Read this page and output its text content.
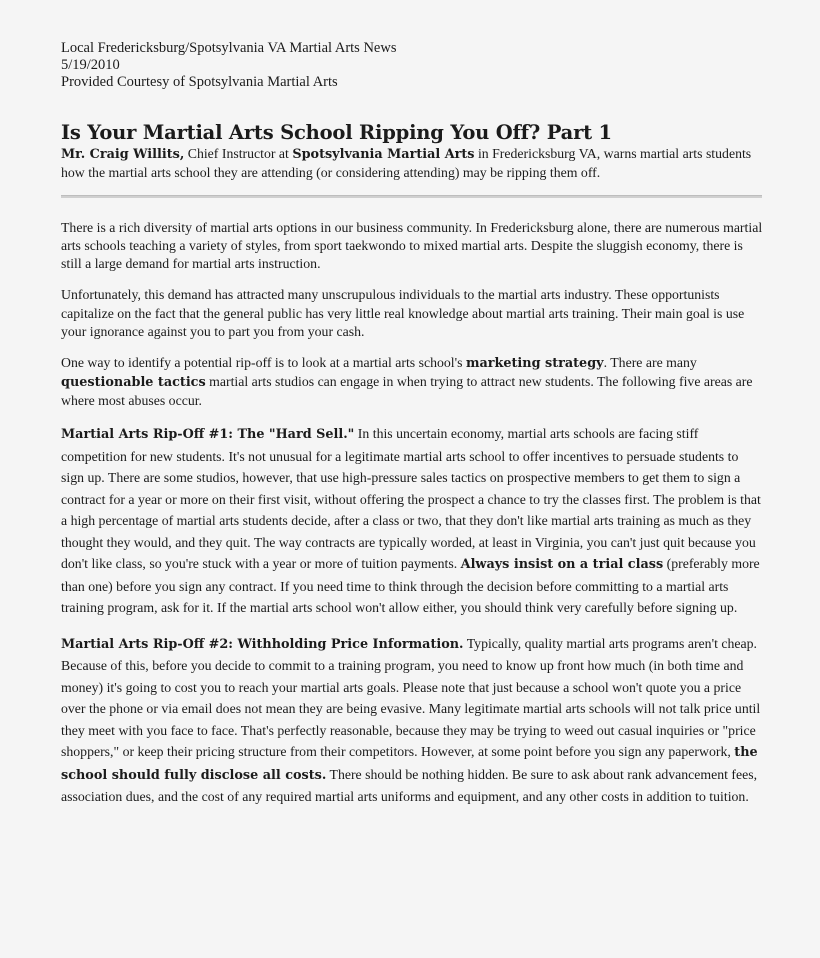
Local Fredericksburg/Spotsylvania VA Martial Arts News

5/19/2010

Provided Courtesy of Spotsylvania Martial Arts

Is Your Martial Arts School Ripping You Off? Part 1

Mr. Craig Willits, Chief Instructor at Spotsylvania Martial Arts in Fredericksburg VA, warns martial arts students how the martial arts school they are attending (or considering attending) may be ripping them off.

There is a rich diversity of martial arts options in our business community. In Fredericksburg alone, there are numerous martial arts schools teaching a variety of styles, from sport taekwondo to mixed martial arts. Despite the sluggish economy, there is still a large demand for martial arts instruction.

Unfortunately, this demand has attracted many unscrupulous individuals to the martial arts industry. These opportunists capitalize on the fact that the general public has very little real knowledge about martial arts training. Their main goal is use your ignorance against you to part you from your cash.

One way to identify a potential rip-off is to look at a martial arts school's marketing strategy. There are many questionable tactics martial arts studios can engage in when trying to attract new students. The following five areas are where most abuses occur.

Martial Arts Rip-Off #1: The "Hard Sell." In this uncertain economy, martial arts schools are facing stiff competition for new students. It's not unusual for a legitimate martial arts school to offer incentives to persuade students to sign up. There are some studios, however, that use high-pressure sales tactics on prospective members to get them to sign a contract for a year or more on their first visit, without offering the prospect a chance to try the classes first. The problem is that a high percentage of martial arts students decide, after a class or two, that they don't like martial arts training as much as they thought they would, and they quit. The way contracts are typically worded, at least in Virginia, you can't just quit because you don't like class, so you're stuck with a year or more of tuition payments. Always insist on a trial class (preferably more than one) before you sign any contract. If you need time to think through the decision before committing to a martial arts training program, ask for it. If the martial arts school won't allow either, you should think very carefully before signing up.

Martial Arts Rip-Off #2: Withholding Price Information. Typically, quality martial arts programs aren't cheap. Because of this, before you decide to commit to a training program, you need to know up front how much (in both time and money) it's going to cost you to reach your martial arts goals. Please note that just because a school won't quote you a price over the phone or via email does not mean they are being evasive. Many legitimate martial arts schools will not talk price until they meet with you face to face. That's perfectly reasonable, because they may be trying to weed out casual inquiries or "price shoppers," or keep their pricing structure from their competitors. However, at some point before you sign any paperwork, the school should fully disclose all costs. There should be nothing hidden. Be sure to ask about rank advancement fees, association dues, and the cost of any required martial arts uniforms and equipment, and any other costs in addition to tuition.
